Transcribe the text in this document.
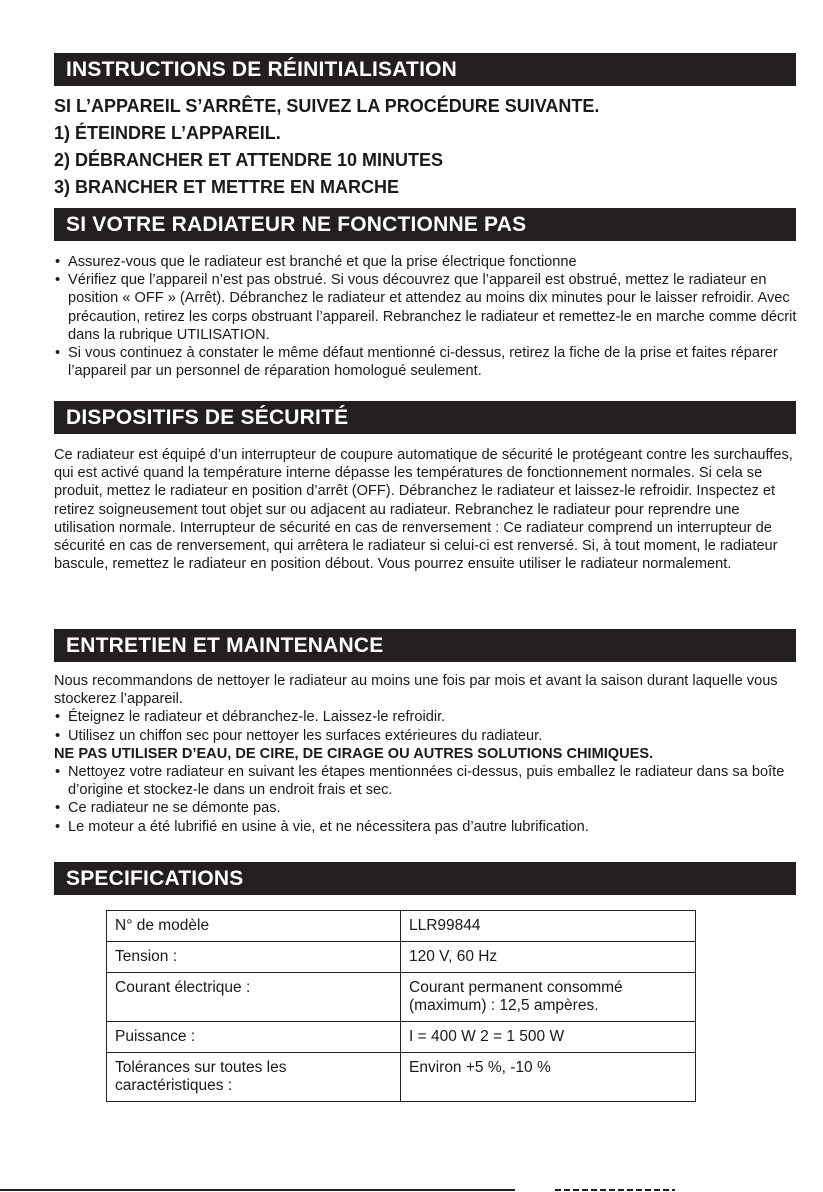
INSTRUCTIONS DE RÉINITIALISATION
SI L’APPAREIL S’ARRÊTE, SUIVEZ LA PROCÉDURE SUIVANTE.
1) ÉTEINDRE L’APPAREIL.
2) DÉBRANCHER ET ATTENDRE 10 MINUTES
3) BRANCHER ET METTRE EN MARCHE
SI VOTRE RADIATEUR NE FONCTIONNE PAS

• Assurez-vous que le radiateur est branché et que la prise électrique fonctionne

• Vérifiez que l’appareil n’est pas obstrué. Si vous découvrez que l’appareil est obstrué, mettez le radiateur en position « OFF » (Arrêt). Débranchez le radiateur et attendez au moins dix minutes pour le laisser refroidir. Avec précaution, retirez les corps obstruant l’appareil. Rebranchez le radiateur et remettez-le en marche comme décrit dans la rubrique UTILISATION.

• Si vous continuez à constater le même défaut mentionné ci-dessus, retirez la fiche de la prise et faites réparer l’appareil par un personnel de réparation homologué seulement.

DISPOSITIFS DE SÉCURITÉ

Ce radiateur est équipé d’un interrupteur de coupure automatique de sécurité le protégeant contre les surchauffes, qui est activé quand la température interne dépasse les températures de fonctionnement normales. Si cela se produit, mettez le radiateur en position d’arrêt (OFF). Débranchez le radiateur et laissez-le refroidir. Inspectez et retirez soigneusement tout objet sur ou adjacent au radiateur. Rebranchez le radiateur pour reprendre une utilisation normale. Interrupteur de sécurité en cas de renversement : Ce radiateur comprend un interrupteur de sécurité en cas de renversement, qui arrêtera le radiateur si celui-ci est renversé. Si, à tout moment, le radiateur bascule, remettez le radiateur en position débout. Vous pourrez ensuite utiliser le radiateur normalement.

ENTRETIEN ET MAINTENANCE

Nous recommandons de nettoyer le radiateur au moins une fois par mois et avant la saison durant laquelle vous stockerez l’appareil.

• Éteignez le radiateur et débranchez-le. Laissez-le refroidir.

• Utilisez un chiffon sec pour nettoyer les surfaces extérieures du radiateur.

NE PAS UTILISER D’EAU, DE CIRE, DE CIRAGE OU AUTRES SOLUTIONS CHIMIQUES.

• Nettoyez votre radiateur en suivant les étapes mentionnées ci-dessus, puis emballez le radiateur dans sa boîte d’origine et stockez-le dans un endroit frais et sec.

• Ce radiateur ne se démonte pas.

• Le moteur a été lubrifié en usine à vie, et ne nécessitera pas d’autre lubrification.

SPECIFICATIONS
N° de modèle	LLR99844
Tension :	120 V, 60 Hz
Courant électrique :	Courant permanent consommé (maximum) : 12,5 ampères.
Puissance :	I = 400 W 2 = 1 500 W
Tolérances sur toutes les caractéristiques :	Environ +5 %, -10 %
